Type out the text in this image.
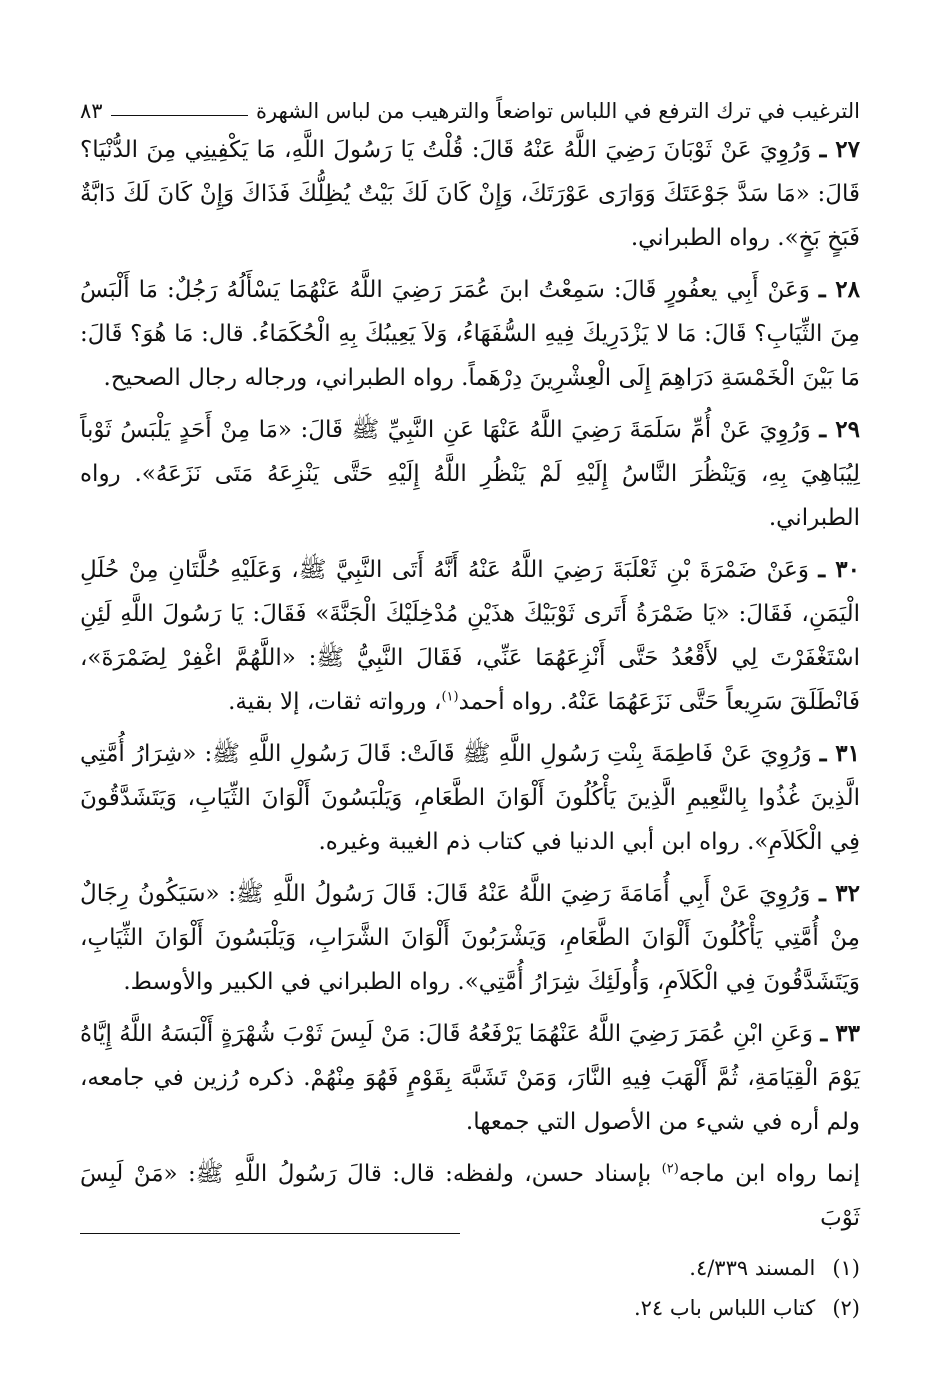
الترغيب في ترك الترفع في اللباس تواضعاً والترهيب من لباس الشهرة
٨٣

٢٧ ـ وَرُوِيَ عَنْ ثَوْبَانَ رَضِيَ اللَّهُ عَنْهُ قَالَ: قُلْتُ يَا رَسُولَ اللَّهِ، مَا يَكْفِينِي مِنَ الدُّنْيَا؟ قَالَ: «مَا سَدَّ جَوْعَتَكَ وَوَارَى عَوْرَتَكَ، وَإِنْ كَانَ لَكَ بَيْتٌ يُظِلُّكَ فَذَاكَ وَإِنْ كَانَ لَكَ دَابَّةٌ فَبَخٍ بَخٍ». رواه الطبراني.

٢٨ ـ وَعَنْ أَبِي يعفُورٍ قَالَ: سَمِعْتُ ابنَ عُمَرَ رَضِيَ اللَّهُ عَنْهُمَا يَسْأَلُهُ رَجُلٌ: مَا أَلْبَسُ مِنَ الثِّيَابِ؟ قَالَ: مَا لا يَزْدَرِيكَ فِيهِ السُّفَهَاءُ، وَلاَ يَعِيبُكَ بِهِ الْحُكَمَاءُ. قال: مَا هُوَ؟ قَالَ: مَا بَيْنَ الْخَمْسَةِ دَرَاهِمَ إِلَى الْعِشْرِينَ دِرْهَماً. رواه الطبراني، ورجاله رجال الصحيح.

٢٩ ـ وَرُوِيَ عَنْ أُمِّ سَلَمَةَ رَضِيَ اللَّهُ عَنْهَا عَنِ النَّبِيِّ ﷺ قَالَ: «مَا مِنْ أَحَدٍ يَلْبَسُ ثَوْباً لِيُبَاهِيَ بِهِ، وَيَنْظُرَ النَّاسُ إِلَيْهِ لَمْ يَنْظُرِ اللَّهُ إِلَيْهِ حَتَّى يَنْزِعَهُ مَتَى نَزَعَهُ». رواه الطبراني.

٣٠ ـ وَعَنْ ضَمْرَةَ بْنِ ثَعْلَبَةَ رَضِيَ اللَّهُ عَنْهُ أَنَّهُ أَتَى النَّبِيَّ ﷺ، وَعَلَيْهِ حُلَّتَانِ مِنْ حُلَلِ الْيَمَنِ، فَقَالَ: «يَا ضَمْرَةُ أَتَرى ثَوْبَيْكَ هذَيْنِ مُدْخِلَيْكَ الْجَنَّةَ» فَقَالَ: يَا رَسُولَ اللَّهِ لَئِنِ اسْتَغْفَرْتَ لِي لأَقْعُدُ حَتَّى أَنْزِعَهُمَا عَنِّي، فَقَالَ النَّبِيُّ ﷺ: «اللَّهُمَّ اغْفِرْ لِضَمْرَةَ»، فَانْطَلَقَ سَرِيعاً حَتَّى نَزَعَهُمَا عَنْهُ. رواه أحمد$^{(١)}$، ورواته ثقات، إلا بقية.

٣١ ـ وَرُوِيَ عَنْ فَاطِمَةَ بِنْتِ رَسُولِ اللَّهِ ﷺ قَالَتْ: قَالَ رَسُولِ اللَّهِ ﷺ: «شِرَارُ أُمَّتِي الَّذِينَ غُذُوا بِالنَّعِيمِ الَّذِينَ يَأْكُلُونَ أَلْوَانَ الطَّعَامِ، وَيَلْبَسُونَ أَلْوَانَ الثِّيَابِ، وَيَتَشَدَّقُونَ فِي الْكَلاَمِ». رواه ابن أبي الدنيا في كتاب ذم الغيبة وغيره.

٣٢ ـ وَرُوِيَ عَنْ أَبِي أُمَامَةَ رَضِيَ اللَّهُ عَنْهُ قَالَ: قَالَ رَسُولُ اللَّهِ ﷺ: «سَيَكُونُ رِجَالٌ مِنْ أُمَّتِي يَأْكُلُونَ أَلْوَانَ الطَّعَامِ، وَيَشْرَبُونَ أَلْوَانَ الشَّرَابِ، وَيَلْبَسُونَ أَلْوَانَ الثِّيَابِ، وَيَتَشَدَّقُونَ فِي الْكَلاَمِ، وَأُولَئِكَ شِرَارُ أُمَّتِي». رواه الطبراني في الكبير والأوسط.

٣٣ ـ وَعَنِ ابْنِ عُمَرَ رَضِيَ اللَّهُ عَنْهُمَا يَرْفَعُهُ قَالَ: مَنْ لَبِسَ ثَوْبَ شُهْرَةٍ أَلْبَسَهُ اللَّهُ إِيَّاهُ يَوْمَ الْقِيَامَةِ، ثُمَّ أَلْهَبَ فِيهِ النَّارَ، وَمَنْ تَشَبَّهَ بِقَوْمٍ فَهُوَ مِنْهُمْ. ذكره رُزين في جامعه، ولم أره في شيء من الأصول التي جمعها.

إنما رواه ابن ماجه$^{(٢)}$ بإسناد حسن، ولفظه: قال: قالَ رَسُولُ اللَّهِ ﷺ: «مَنْ لَبِسَ ثَوْبَ

(١) المسند ٤/٣٣٩.

(٢) كتاب اللباس باب ٢٤.
